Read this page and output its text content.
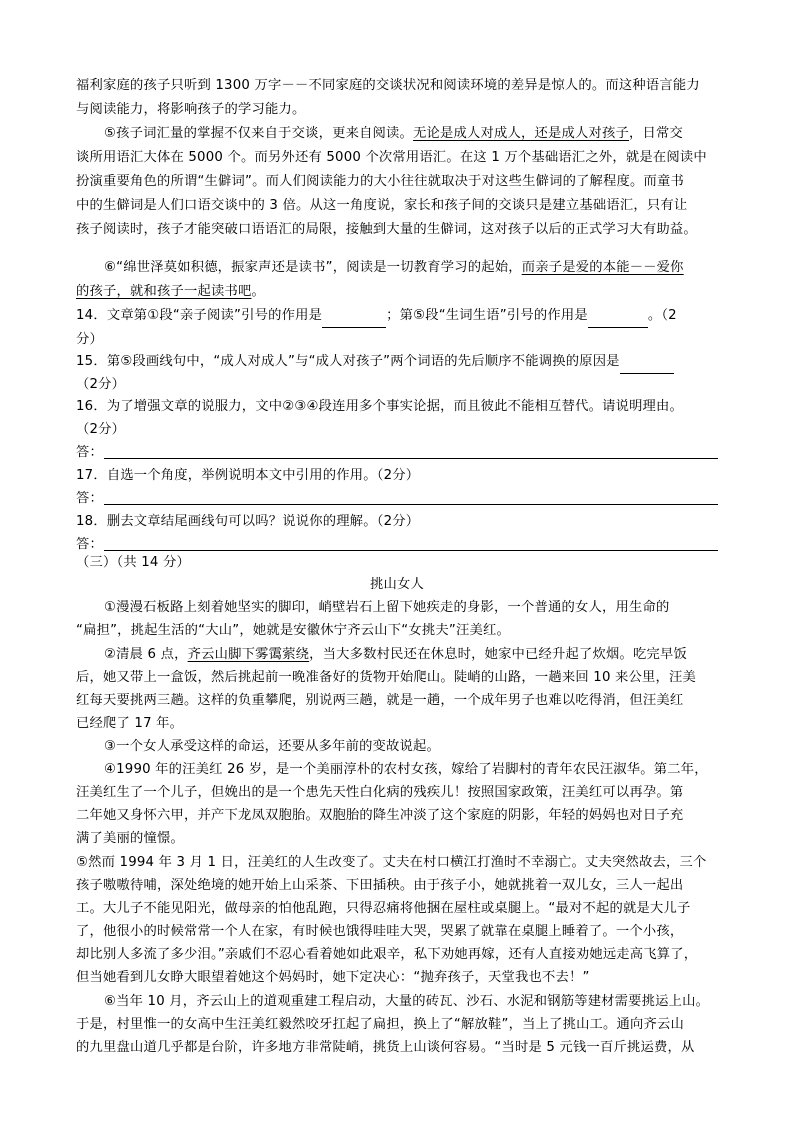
福利家庭的孩子只听到 1300 万字－－不同家庭的交谈状况和阅读环境的差异是惊人的。而这种语言能力
与阅读能力，将影响孩子的学习能力。
⑤孩子词汇量的掌握不仅来自于交谈，更来自阅读。无论是成人对成人，还是成人对孩子，日常交
谈所用语汇大体在 5000 个。而另外还有 5000 个次常用语汇。在这 1 万个基础语汇之外，就是在阅读中
扮演重要角色的所谓“生僻词”。而人们阅读能力的大小往往就取决于对这些生僻词的了解程度。而童书
中的生僻词是人们口语交谈中的 3 倍。从这一角度说，家长和孩子间的交谈只是建立基础语汇，只有让
孩子阅读时，孩子才能突破口语语汇的局限，接触到大量的生僻词，这对孩子以后的正式学习大有助益。
⑥“绵世泽莫如积德，振家声还是读书”，阅读是一切教育学习的起始，而亲子是爱的本能－－爱你
的孩子，就和孩子一起读书吧。
14．文章第①段“亲子阅读”引号的作用是	；第⑤段“生词生语”引号的作用是	。（2
分）
15．第⑤段画线句中，“成人对成人”与“成人对孩子”两个词语的先后顺序不能调换的原因是
（2分）
16．为了增强文章的说服力，文中②③④段连用多个事实论据，而且彼此不能相互替代。请说明理由。
（2分）
答：
17．自选一个角度，举例说明本文中引用的作用。（2分）
答：
18．删去文章结尾画线句可以吗？说说你的理解。（2分）
答：
（三）（共 14 分）
挑山女人
①漫漫石板路上刻着她坚实的脚印，峭壁岩石上留下她疾走的身影，一个普通的女人，用生命的
“扁担”，挑起生活的“大山”，她就是安徽休宁齐云山下“女挑夫”汪美红。
②清晨 6 点，齐云山脚下雾霭萦绕，当大多数村民还在休息时，她家中已经升起了炊烟。吃完早饭
后，她又带上一盒饭，然后挑起前一晚准备好的货物开始爬山。陡峭的山路，一趟来回 10 来公里，汪美
红每天要挑两三趟。这样的负重攀爬，别说两三趟，就是一趟，一个成年男子也难以吃得消，但汪美红
已经爬了 17 年。
③一个女人承受这样的命运，还要从多年前的变故说起。
④1990 年的汪美红 26 岁，是一个美丽淳朴的农村女孩，嫁给了岩脚村的青年农民汪淑华。第二年，
汪美红生了一个儿子，但娩出的是一个患先天性白化病的残疾儿！按照国家政策，汪美红可以再孕。第
二年她又身怀六甲，并产下龙凤双胞胎。双胞胎的降生冲淡了这个家庭的阴影，年轻的妈妈也对日子充
满了美丽的憧憬。
⑤然而 1994 年 3 月 1 日，汪美红的人生改变了。丈夫在村口横江打渔时不幸溺亡。丈夫突然故去，三个
孩子嗷嗷待哺，深处绝境的她开始上山采茶、下田插秧。由于孩子小，她就挑着一双儿女，三人一起出
工。大儿子不能见阳光，做母亲的怕他乱跑，只得忍痛将他捆在屋柱或桌腿上。“最对不起的就是大儿子
了，他很小的时候常常一个人在家，有时候也饿得哇哇大哭，哭累了就靠在桌腿上睡着了。一个小孩，
却比别人多流了多少泪。”亲戚们不忍心看着她如此艰辛，私下劝她再嫁，还有人直接劝她远走高飞算了，
但当她看到儿女睁大眼望着她这个妈妈时，她下定决心：“抛弃孩子，天堂我也不去！”
⑥当年 10 月，齐云山上的道观重建工程启动，大量的砖瓦、沙石、水泥和钢筋等建材需要挑运上山。
于是，村里惟一的女高中生汪美红毅然咬牙扛起了扁担，换上了“解放鞋”，当上了挑山工。通向齐云山
的九里盘山道几乎都是台阶，许多地方非常陡峭，挑货上山谈何容易。“当时是 5 元钱一百斤挑运费，从
